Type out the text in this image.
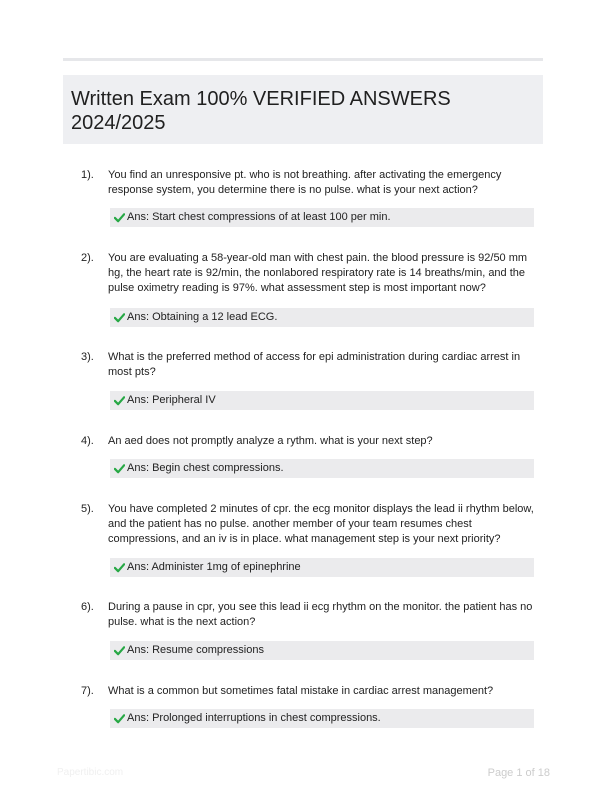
Written Exam 100% VERIFIED ANSWERS
2024/2025
1). You find an unresponsive pt. who is not breathing. after activating the emergency response system, you determine there is no pulse. what is your next action?
Ans: Start chest compressions of at least 100 per min.
2). You are evaluating a 58-year-old man with chest pain. the blood pressure is 92/50 mm hg, the heart rate is 92/min, the nonlabored respiratory rate is 14 breaths/min, and the pulse oximetry reading is 97%. what assessment step is most important now?
Ans: Obtaining a 12 lead ECG.
3). What is the preferred method of access for epi administration during cardiac arrest in most pts?
Ans: Peripheral IV
4). An aed does not promptly analyze a rythm. what is your next step?
Ans: Begin chest compressions.
5). You have completed 2 minutes of cpr. the ecg monitor displays the lead ii rhythm below, and the patient has no pulse. another member of your team resumes chest compressions, and an iv is in place. what management step is your next priority?
Ans: Administer 1mg of epinephrine
6). During a pause in cpr, you see this lead ii ecg rhythm on the monitor. the patient has no pulse. what is the next action?
Ans: Resume compressions
7). What is a common but sometimes fatal mistake in cardiac arrest management?
Ans: Prolonged interruptions in chest compressions.
Papertibic.com	Page 1 of 18
